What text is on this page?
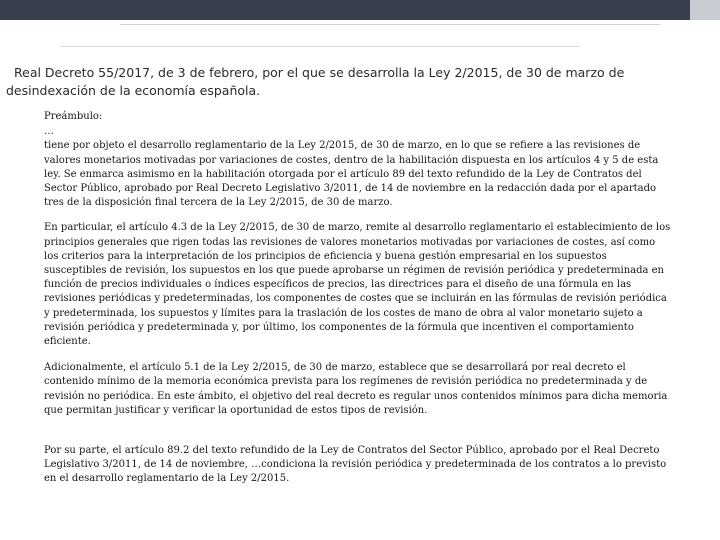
Real Decreto 55/2017, de 3 de febrero, por el que se desarrolla la Ley 2/2015, de 30 de marzo de desindexación de la economía española.

Preámbulo:

…

tiene por objeto el desarrollo reglamentario de la Ley 2/2015, de 30 de marzo, en lo que se refiere a las revisiones de valores monetarios motivadas por variaciones de costes, dentro de la habilitación dispuesta en los artículos 4 y 5 de esta ley. Se enmarca asimismo en la habilitación otorgada por el artículo 89 del texto refundido de la Ley de Contratos del Sector Público, aprobado por Real Decreto Legislativo 3/2011, de 14 de noviembre en la redacción dada por el apartado tres de la disposición final tercera de la Ley 2/2015, de 30 de marzo.

En particular, el artículo 4.3 de la Ley 2/2015, de 30 de marzo, remite al desarrollo reglamentario el establecimiento de los principios generales que rigen todas las revisiones de valores monetarios motivadas por variaciones de costes, así como los criterios para la interpretación de los principios de eficiencia y buena gestión empresarial en los supuestos susceptibles de revisión, los supuestos en los que puede aprobarse un régimen de revisión periódica y predeterminada en función de precios individuales o índices específicos de precios, las directrices para el diseño de una fórmula en las revisiones periódicas y predeterminadas, los componentes de costes que se incluirán en las fórmulas de revisión periódica y predeterminada, los supuestos y límites para la traslación de los costes de mano de obra al valor monetario sujeto a revisión periódica y predeterminada y, por último, los componentes de la fórmula que incentiven el comportamiento eficiente.

Adicionalmente, el artículo 5.1 de la Ley 2/2015, de 30 de marzo, establece que se desarrollará por real decreto el contenido mínimo de la memoria económica prevista para los regímenes de revisión periódica no predeterminada y de revisión no periódica. En este ámbito, el objetivo del real decreto es regular unos contenidos mínimos para dicha memoria que permitan justificar y verificar la oportunidad de estos tipos de revisión.

Por su parte, el artículo 89.2 del texto refundido de la Ley de Contratos del Sector Público, aprobado por el Real Decreto Legislativo 3/2011, de 14 de noviembre, …condiciona la revisión periódica y predeterminada de los contratos a lo previsto en el desarrollo reglamentario de la Ley 2/2015.
